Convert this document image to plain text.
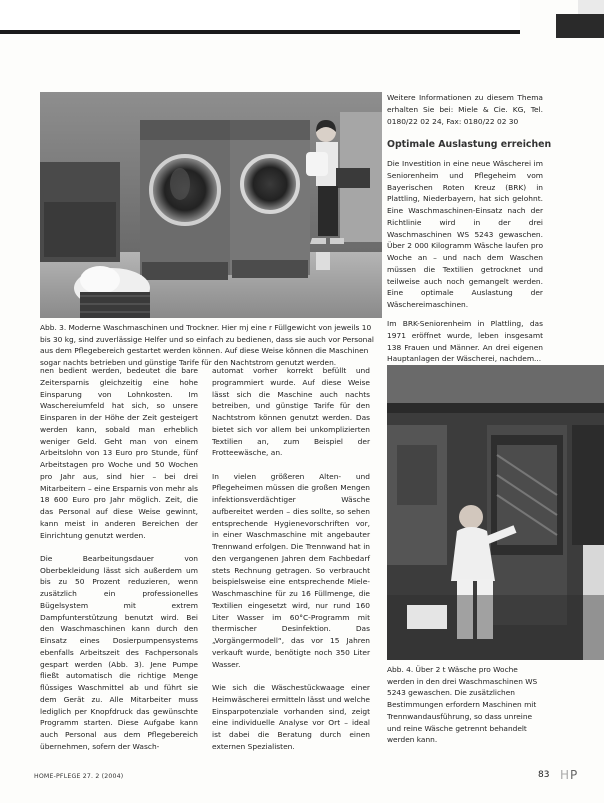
Abb. 3. Moderne Waschmaschinen und Trockner. Hier mj eine r Füllgewicht von jeweils 10 bis 30 kg, sind zuverlässige Helfer und so einfach zu bedienen, dass sie auch vor Personal aus dem Pflegebereich gestartet werden können. Auf diese Weise können die Maschinen sogar nachts betrieben und günstige Tarife für den Nachtstrom genutzt werden.
Weitere Informationen zu diesem Thema erhalten Sie bei: Miele & Cie. KG, Tel. 0180/22 02 24, Fax: 0180/22 02 30
Optimale Auslastung erreichen
Die Investition in eine neue Wäscherei im Seniorenheim und Pflegeheim vom Bayerischen Roten Kreuz (BRK) in Plattling, Niederbayern, hat sich gelohnt. Eine Waschmaschinen-Einsatz nach der Richtlinie wird in der drei Waschmaschinen WS 5243 gewaschen. Über 2 000 Kilogramm Wäsche laufen pro Woche an – und nach dem Waschen müssen die Textilien getrocknet und teilweise auch noch gemangelt werden. Eine optimale Auslastung der Wäschereimaschinen.
Im BRK-Seniorenheim in Plattling, das 1971 eröffnet wurde, leben insgesamt 138 Frauen und Männer. An drei eigenen Hauptanlagen der Wäscherei, nachdem...

nen bedient werden, bedeutet die bare Zeitersparnis gleichzeitig eine hohe Einsparung von Lohnkosten. Im Waschereiumfeld hat sich, so unsere Einsparen in der Höhe der Zeit gesteigert werden kann, sobald man erheblich weniger Geld. Geht man von einem Arbeitslohn von 13 Euro pro Stunde, fünf Arbeitstagen pro Woche und 50 Wochen pro Jahr aus, sind hier – bei drei Mitarbeitern – eine Ersparnis von mehr als 18 600 Euro pro Jahr möglich. Zeit, die das Personal auf diese Weise gewinnt, kann meist in anderen Bereichen der Einrichtung genutzt werden.

Die Bearbeitungsdauer von Oberbekleidung lässt sich außerdem um bis zu 50 Prozent reduzieren, wenn zusätzlich ein professionelles Bügelsystem mit extrem Dampfunterstützung benutzt wird. Bei den Waschmaschinen kann durch den Einsatz eines Dosierpumpensystems ebenfalls Arbeitszeit des Fachpersonals gespart werden (Abb. 3). Jene Pumpe fließt automatisch die richtige Menge flüssiges Waschmittel ab und führt sie dem Gerät zu. Alle Mitarbeiter muss lediglich per Knopfdruck das gewünschte Programm starten. Diese Aufgabe kann auch Personal aus dem Pflegebereich übernehmen, sofern der Wasch-

automat vorher korrekt befüllt und programmiert wurde. Auf diese Weise lässt sich die Maschine auch nachts betreiben, und günstige Tarife für den Nachtstrom können genutzt werden. Das bietet sich vor allem bei unkomplizierten Textilien an, zum Beispiel der Frotteewäsche, an.

In vielen größeren Alten- und Pflegeheimen müssen die großen Mengen infektionsverdächtiger Wäsche aufbereitet werden – dies sollte, so sehen entsprechende Hygienevorschriften vor, in einer Waschmaschine mit angebauter Trennwand erfolgen. Die Trennwand hat in den vergangenen Jahren dem Fachbedarf stets Rechnung getragen. So verbraucht beispielsweise eine entsprechende Miele-Waschmaschine für zu 16 Füllmenge, die Textilien eingesetzt wird, nur rund 160 Liter Wasser im 60°C-Programm mit thermischer Desinfektion. Das „Vorgängermodell“, das vor 15 Jahren verkauft wurde, benötigte noch 350 Liter Wasser.

Wie sich die Wäschestückwaage einer Heimwäscherei ermitteln lässt und welche Einsparpotenziale vorhanden sind, zeigt eine individuelle Analyse vor Ort – ideal ist dabei die Beratung durch einen externen Spezialisten.

Abb. 4. Über 2 t Wäsche pro Woche werden in den drei Waschmaschinen WS 5243 gewaschen. Die zusätzlichen Bestimmungen erfordern Maschinen mit Trennwandausführung, so dass unreine und reine Wäsche getrennt behandelt werden kann.
HOME-PFLEGE 27. 2 (2004)	83 HP
